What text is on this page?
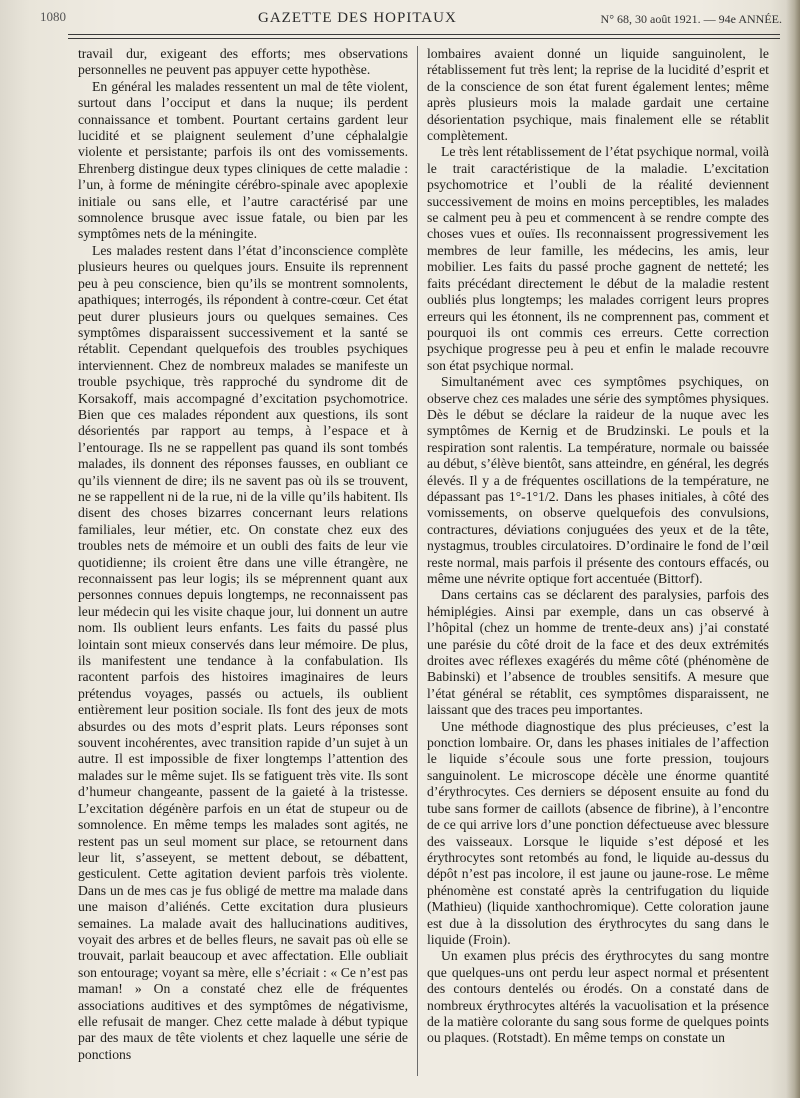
1080	GAZETTE DES HOPITAUX	N° 68, 30 août 1921. — 94e ANNÉE.

travail dur, exigeant des efforts; mes observations personnelles ne peuvent pas appuyer cette hypothèse.

En général les malades ressentent un mal de tête violent, surtout dans l’occiput et dans la nuque; ils perdent connaissance et tombent. Pourtant certains gardent leur lucidité et se plaignent seulement d’une céphalalgie violente et persistante; parfois ils ont des vomissements. Ehrenberg distingue deux types cliniques de cette maladie : l’un, à forme de méningite cérébro-spinale avec apoplexie initiale ou sans elle, et l’autre caractérisé par une somnolence brusque avec issue fatale, ou bien par les symptômes nets de la méningite.

Les malades restent dans l’état d’inconscience complète plusieurs heures ou quelques jours. Ensuite ils reprennent peu à peu conscience, bien qu’ils se montrent somnolents, apathiques; interrogés, ils répondent à contre-cœur. Cet état peut durer plusieurs jours ou quelques semaines. Ces symptômes disparaissent successivement et la santé se rétablit. Cependant quelquefois des troubles psychiques interviennent. Chez de nombreux malades se manifeste un trouble psychique, très rapproché du syndrome dit de Korsakoff, mais accompagné d’excitation psychomotrice. Bien que ces malades répondent aux questions, ils sont désorientés par rapport au temps, à l’espace et à l’entourage. Ils ne se rappellent pas quand ils sont tombés malades, ils donnent des réponses fausses, en oubliant ce qu’ils viennent de dire; ils ne savent pas où ils se trouvent, ne se rappellent ni de la rue, ni de la ville qu’ils habitent. Ils disent des choses bizarres concernant leurs relations familiales, leur métier, etc. On constate chez eux des troubles nets de mémoire et un oubli des faits de leur vie quotidienne; ils croient être dans une ville étrangère, ne reconnaissent pas leur logis; ils se méprennent quant aux personnes connues depuis longtemps, ne reconnaissent pas leur médecin qui les visite chaque jour, lui donnent un autre nom. Ils oublient leurs enfants. Les faits du passé plus lointain sont mieux conservés dans leur mémoire. De plus, ils manifestent une tendance à la confabulation. Ils racontent parfois des histoires imaginaires de leurs prétendus voyages, passés ou actuels, ils oublient entièrement leur position sociale. Ils font des jeux de mots absurdes ou des mots d’esprit plats. Leurs réponses sont souvent incohérentes, avec transition rapide d’un sujet à un autre. Il est impossible de fixer longtemps l’attention des malades sur le même sujet. Ils se fatiguent très vite. Ils sont d’humeur changeante, passent de la gaieté à la tristesse. L’excitation dégénère parfois en un état de stupeur ou de somnolence. En même temps les malades sont agités, ne restent pas un seul moment sur place, se retournent dans leur lit, s’asseyent, se mettent debout, se débattent, gesticulent. Cette agitation devient parfois très violente. Dans un de mes cas je fus obligé de mettre ma malade dans une maison d’aliénés. Cette excitation dura plusieurs semaines. La malade avait des hallucinations auditives, voyait des arbres et de belles fleurs, ne savait pas où elle se trouvait, parlait beaucoup et avec affectation. Elle oubliait son entourage; voyant sa mère, elle s’écriait : « Ce n’est pas maman! » On a constaté chez elle de fréquentes associations auditives et des symptômes de négativisme, elle refusait de manger. Chez cette malade à début typique par des maux de tête violents et chez laquelle une série de ponctions

lombaires avaient donné un liquide sanguinolent, le rétablissement fut très lent; la reprise de la lucidité d’esprit et de la conscience de son état furent également lentes; même après plusieurs mois la malade gardait une certaine désorientation psychique, mais finalement elle se rétablit complètement.

Le très lent rétablissement de l’état psychique normal, voilà le trait caractéristique de la maladie. L’excitation psychomotrice et l’oubli de la réalité deviennent successivement de moins en moins perceptibles, les malades se calment peu à peu et commencent à se rendre compte des choses vues et ouïes. Ils reconnaissent progressivement les membres de leur famille, les médecins, les amis, leur mobilier. Les faits du passé proche gagnent de netteté; les faits précédant directement le début de la maladie restent oubliés plus longtemps; les malades corrigent leurs propres erreurs qui les étonnent, ils ne comprennent pas, comment et pourquoi ils ont commis ces erreurs. Cette correction psychique progresse peu à peu et enfin le malade recouvre son état psychique normal.

Simultanément avec ces symptômes psychiques, on observe chez ces malades une série des symptômes physiques. Dès le début se déclare la raideur de la nuque avec les symptômes de Kernig et de Brudzinski. Le pouls et la respiration sont ralentis. La température, normale ou baissée au début, s’élève bientôt, sans atteindre, en général, les degrés élevés. Il y a de fréquentes oscillations de la température, ne dépassant pas 1°-1°1/2. Dans les phases initiales, à côté des vomissements, on observe quelquefois des convulsions, contractures, déviations conjuguées des yeux et de la tête, nystagmus, troubles circulatoires. D’ordinaire le fond de l’œil reste normal, mais parfois il présente des contours effacés, ou même une névrite optique fort accentuée (Bittorf).

Dans certains cas se déclarent des paralysies, parfois des hémiplégies. Ainsi par exemple, dans un cas observé à l’hôpital (chez un homme de trente-deux ans) j’ai constaté une parésie du côté droit de la face et des deux extrémités droites avec réflexes exagérés du même côté (phénomène de Babinski) et l’absence de troubles sensitifs. A mesure que l’état général se rétablit, ces symptômes disparaissent, ne laissant que des traces peu importantes.

Une méthode diagnostique des plus précieuses, c’est la ponction lombaire. Or, dans les phases initiales de l’affection le liquide s’écoule sous une forte pression, toujours sanguinolent. Le microscope décèle une énorme quantité d’érythrocytes. Ces derniers se déposent ensuite au fond du tube sans former de caillots (absence de fibrine), à l’encontre de ce qui arrive lors d’une ponction défectueuse avec blessure des vaisseaux. Lorsque le liquide s’est déposé et les érythrocytes sont retombés au fond, le liquide au-dessus du dépôt n’est pas incolore, il est jaune ou jaune-rose. Le même phénomène est constaté après la centrifugation du liquide (Mathieu) (liquide xanthochromique). Cette coloration jaune est due à la dissolution des érythrocytes du sang dans le liquide (Froin).

Un examen plus précis des érythrocytes du sang montre que quelques-uns ont perdu leur aspect normal et présentent des contours dentelés ou érodés. On a constaté dans de nombreux érythrocytes altérés la vacuolisation et la présence de la matière colorante du sang sous forme de quelques points ou plaques. (Rotstadt). En même temps on constate un
